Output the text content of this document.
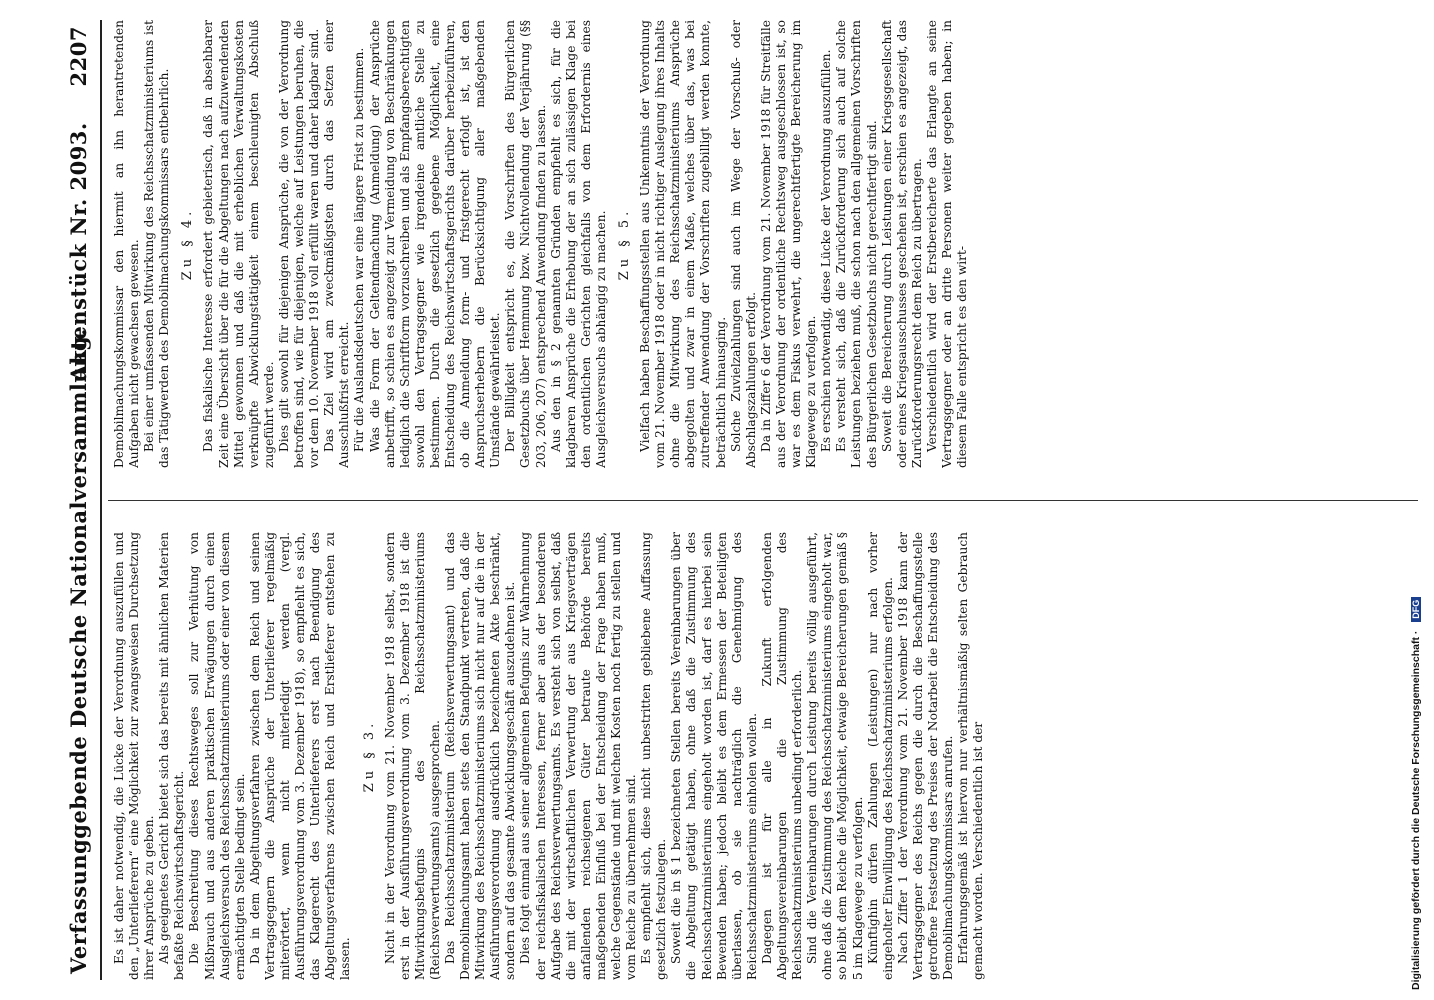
Verfassunggebende Deutsche Nationalversammlung.
Aktenstück Nr. 2093. 2207

Es ist daher notwendig, die Lücke der Verordnung auszufüllen und den „Unterlieferern“ eine Möglichkeit zur zwangsweisen Durchsetzung ihrer Ansprüche zu geben. Als geeignetes Gericht bietet sich das bereits mit ähnlichen Materien befaßte Reichswirtschaftsgericht. Die Beschreitung dieses Rechtsweges soll zur Verhütung von Mißbrauch und aus anderen praktischen Erwägungen durch einen Ausgleichsversuch des Reichsschatzministeriums oder einer von diesem ermächtigten Stelle bedingt sein. Da in dem Abgeltungsverfahren zwischen dem Reich und seinen Vertragsgegnern die Ansprüche der Unterlieferer regelmäßig miterörtert, wenn nicht miterledigt werden (vergl. Ausführungsverordnung vom 3. Dezember 1918), so empfiehlt es sich, das Klagerecht des Unterlieferers erst nach Beendigung des Abgeltungsverfahrens zwischen Reich und Erstlieferer entstehen zu lassen.

Zu § 3. Nicht in der Verordnung vom 21. November 1918 selbst, sondern erst in der Ausführungsverordnung vom 3. Dezember 1918 ist die Mitwirkungsbefugnis des Reichsschatzministeriums (Reichsverwertungsamts) ausgesprochen. Das Reichsschatzministerium (Reichsverwertungsamt) und das Demobilmachungsamt haben stets den Standpunkt vertreten, daß die Mitwirkung des Reichsschatzministeriums sich nicht nur auf die in der Ausführungsverordnung ausdrücklich bezeichneten Akte beschränkt, sondern auf das gesamte Abwicklungsgeschäft auszudehnen ist. Dies folgt einmal aus seiner allgemeinen Befugnis zur Wahrnehmung der reichsfiskalischen Interessen, ferner aber aus der besonderen Aufgabe des Reichsverwertungsamts. Es versteht sich von selbst, daß die mit der wirtschaftlichen Verwertung der aus Kriegsverträgen anfallenden reichseigenen Güter betraute Behörde bereits maßgebenden Einfluß bei der Entscheidung der Frage haben muß, welche Gegenstände und mit welchen Kosten noch fertig zu stellen und vom Reiche zu übernehmen sind. Es empfiehlt sich, diese nicht unbestritten gebliebene Auffassung gesetzlich festzulegen. Soweit die in § 1 bezeichneten Stellen bereits Vereinbarungen über die Abgeltung getätigt haben, ohne daß die Zustimmung des Reichsschatzministeriums eingeholt worden ist, darf es hierbei sein Bewenden haben; jedoch bleibt es dem Ermessen der Beteiligten überlassen, ob sie nachträglich die Genehmigung des Reichsschatzministeriums einholen wollen. Dagegen ist für alle in Zukunft erfolgenden Abgeltungsvereinbarungen die Zustimmung des Reichsschatzministeriums unbedingt erforderlich. Sind die Vereinbarungen durch Leistung bereits völlig ausgeführt, ohne daß die Zustimmung des Reichsschatzministeriums eingeholt war, so bleibt dem Reiche die Möglichkeit, etwaige Bereicherungen gemäß § 5 im Klagewege zu verfolgen. Künftighin dürfen Zahlungen (Leistungen) nur nach vorher eingeholter Einwilligung des Reichsschatzministeriums erfolgen. Nach Ziffer 1 der Verordnung vom 21. November 1918 kann der Vertragsgegner des Reichs gegen die durch die Beschaffungsstelle getroffene Festsetzung des Preises der Notarbeit die Entscheidung des Demobilmachungskommissars anrufen. Erfahrungsgemäß ist hiervon nur verhältnismäßig selten Gebrauch gemacht worden. Verschiedentlich ist der

Demobilmachungskommissar den hiermit an ihn herantretenden Aufgaben nicht gewachsen gewesen. Bei einer umfassenden Mitwirkung des Reichsschatzministeriums ist das Tätigwerden des Demobilmachungskommissars entbehrlich. Zu § 4. Das fiskalische Interesse erfordert gebieterisch, daß in absehbarer Zeit eine Übersicht über die für die Abgeltungen nach aufzuwendenden Mittel gewonnen und daß die mit erheblichen Verwaltungskosten verknüpfte Abwicklungstätigkeit einem beschleunigten Abschluß zugeführt werde. Dies gilt sowohl für diejenigen Ansprüche, die von der Verordnung betroffen sind, wie für diejenigen, welche auf Leistungen beruhen, die vor dem 10. November 1918 voll erfüllt waren und daher klagbar sind. Das Ziel wird am zweckmäßigsten durch das Setzen einer Ausschlußfrist erreicht. Für die Auslandsdeutschen war eine längere Frist zu bestimmen. Was die Form der Geltendmachung (Anmeldung) der Ansprüche anbetrifft, so schien es angezeigt zur Vermeidung von Beschränkungen lediglich die Schriftform vorzuschreiben und als Empfangsberechtigten sowohl den Vertragsgegner wie irgendeine amtliche Stelle zu bestimmen. Durch die gesetzlich gegebene Möglichkeit, eine Entscheidung des Reichswirtschaftsgerichts darüber herbeizuführen, ob die Anmeldung form- und fristgerecht erfolgt ist, ist den Anspruchserhebern die Berücksichtigung aller maßgebenden Umstände gewährleistet. Der Billigkeit entspricht es, die Vorschriften des Bürgerlichen Gesetzbuchs über Hemmung bzw. Nichtvollendung der Verjährung (§§ 203, 206, 207) entsprechend Anwendung finden zu lassen. Aus den in § 2 genannten Gründen empfiehlt es sich, für die klagbaren Ansprüche die Erhebung der an sich zulässigen Klage bei den ordentlichen Gerichten gleichfalls von dem Erfordernis eines Ausgleichsversuchs abhängig zu machen. Zu § 5. Vielfach haben Beschaffungsstellen aus Unkenntnis der Verordnung vom 21. November 1918 oder in nicht richtiger Auslegung ihres Inhalts ohne die Mitwirkung des Reichsschatzministeriums Ansprüche abgegolten und zwar in einem Maße, welches über das, was bei zutreffender Anwendung der Vorschriften zugebilligt werden konnte, beträchtlich hinausging. Solche Zuvielzahlungen sind auch im Wege der Vorschuß- oder Abschlagszahlungen erfolgt. Da in Ziffer 6 der Verordnung vom 21. November 1918 für Streitfälle aus der Verordnung der ordentliche Rechtsweg ausgeschlossen ist, so war es dem Fiskus verwehrt, die ungerechtfertigte Bereicherung im Klagewege zu verfolgen. Es erschien notwendig, diese Lücke der Verordnung auszufüllen. Es versteht sich, daß die Zurückforderung sich auch auf solche Leistungen beziehen muß, die schon nach den allgemeinen Vorschriften des Bürgerlichen Gesetzbuchs nicht gerechtfertigt sind. Soweit die Bereicherung durch Leistungen einer Kriegsgesellschaft oder eines Kriegsausschusses geschehen ist, erschien es angezeigt, das Zurückforderungsrecht dem Reich zu übertragen. Verschiedentlich wird der Erstbereicherte das Erlangte an seine Vertragsgegner oder an dritte Personen weiter gegeben haben; in diesem Falle entspricht es den wirt-

Digitalisierung gefördert durch die Deutsche Forschungsgemeinschaft · DFG
